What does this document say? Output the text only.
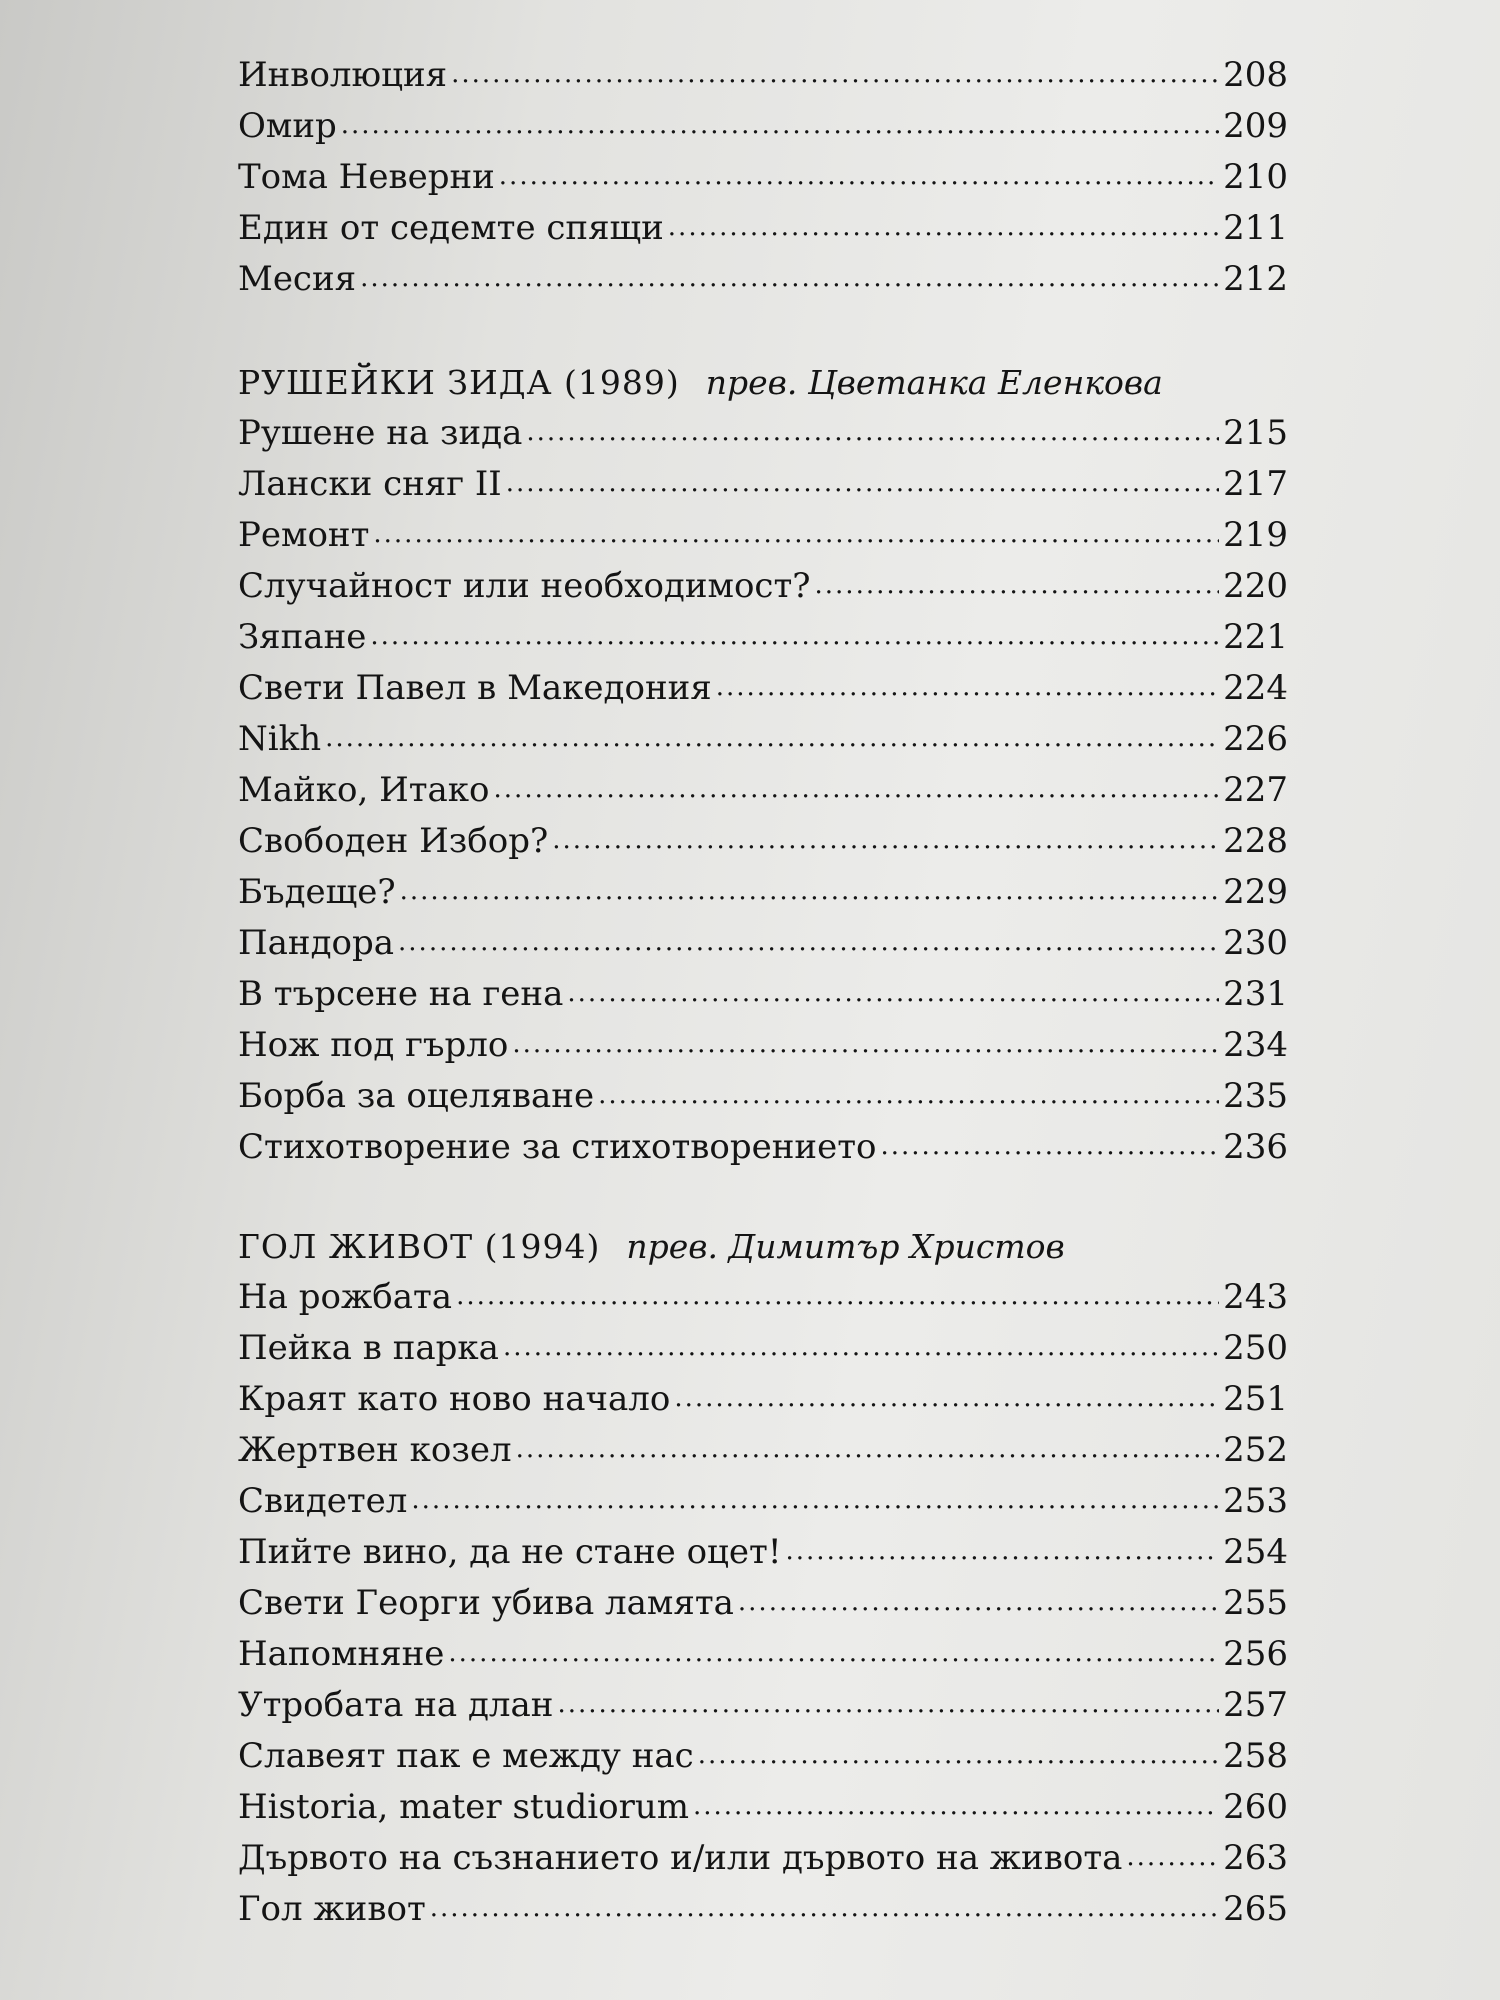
Инволюция .....	208
Омир .....	209
Тома Неверни .....	210
Един от седемте спящи .....	211
Месия .....	212
РУШЕЙКИ ЗИДА (1989) прев. Цветанка Еленкова
Рушене на зида .....	215
Лански сняг II .....	217
Ремонт .....	219
Случайност или необходимост? .....	220
Зяпане .....	221
Свети Павел в Македония .....	224
Nikh .....	226
Майко, Итако .....	227
Свободен Избор? .....	228
Бъдеще? .....	229
Пандора .....	230
В търсене на гена .....	231
Нож под гърло .....	234
Борба за оцеляване .....	235
Стихотворение за стихотворението .....	236
ГОЛ ЖИВОТ (1994) прев. Димитър Христов
На рожбата .....	243
Пейка в парка .....	250
Краят като ново начало .....	251
Жертвен козел .....	252
Свидетел .....	253
Пийте вино, да не стане оцет! .....	254
Свети Георги убива ламята .....	255
Напомняне .....	256
Утробата на длан .....	257
Славеят пак е между нас .....	258
Historia, mater studiorum .....	260
Дървото на съзнанието и/или дървото на живота .....	263
Гол живот .....	265
